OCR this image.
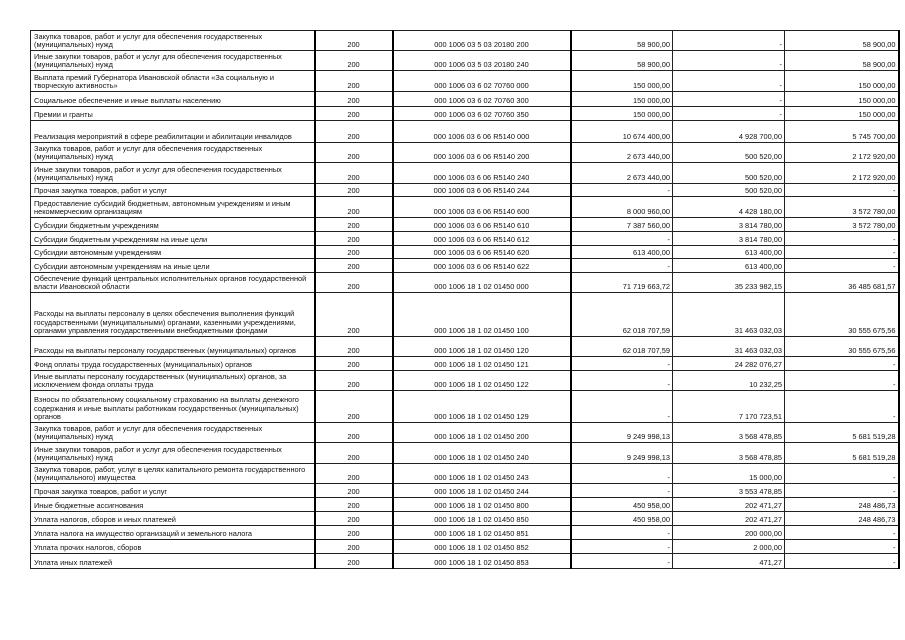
Закупка товаров, работ и услуг для обеспечения государственных (муниципальных) нужд	200	000 1006 03 5 03 20180 200	58 900,00	-	58 900,00
Иные закупки товаров, работ и услуг для обеспечения государственных (муниципальных) нужд	200	000 1006 03 5 03 20180 240	58 900,00	-	58 900,00
Выплата премий Губернатора Ивановской области «За социальную и творческую активность»	200	000 1006 03 6 02 70760 000	150 000,00	-	150 000,00
Социальное обеспечение и иные выплаты населению	200	000 1006 03 6 02 70760 300	150 000,00	-	150 000,00
Премии и гранты	200	000 1006 03 6 02 70760 350	150 000,00	-	150 000,00
Реализация мероприятий в сфере реабилитации и абилитации инвалидов	200	000 1006 03 6 06 R5140 000	10 674 400,00	4 928 700,00	5 745 700,00
Закупка товаров, работ и услуг для обеспечения государственных (муниципальных) нужд	200	000 1006 03 6 06 R5140 200	2 673 440,00	500 520,00	2 172 920,00
Иные закупки товаров, работ и услуг для обеспечения государственных (муниципальных) нужд	200	000 1006 03 6 06 R5140 240	2 673 440,00	500 520,00	2 172 920,00
Прочая закупка товаров, работ и услуг	200	000 1006 03 6 06 R5140 244	-	500 520,00	-
Предоставление субсидий бюджетным, автономным учреждениям и иным некоммерческим организациям	200	000 1006 03 6 06 R5140 600	8 000 960,00	4 428 180,00	3 572 780,00
Субсидии бюджетным учреждениям	200	000 1006 03 6 06 R5140 610	7 387 560,00	3 814 780,00	3 572 780,00
Субсидии бюджетным учреждениям на иные цели	200	000 1006 03 6 06 R5140 612	-	3 814 780,00	-
Субсидии автономным учреждениям	200	000 1006 03 6 06 R5140 620	613 400,00	613 400,00	-
Субсидии автономным учреждениям на иные цели	200	000 1006 03 6 06 R5140 622	-	613 400,00	-
Обеспечение функций центральных исполнительных органов государственной власти Ивановской области	200	000 1006 18 1 02 01450 000	71 719 663,72	35 233 982,15	36 485 681,57
Расходы на выплаты персоналу в целях обеспечения выполнения функций государственными (муниципальными) органами, казенными учреждениями, органами управления государственными внебюджетными фондами	200	000 1006 18 1 02 01450 100	62 018 707,59	31 463 032,03	30 555 675,56
Расходы на выплаты персоналу государственных (муниципальных) органов	200	000 1006 18 1 02 01450 120	62 018 707,59	31 463 032,03	30 555 675,56
Фонд оплаты труда государственных (муниципальных) органов	200	000 1006 18 1 02 01450 121	-	24 282 076,27	-
Иные выплаты персоналу государственных (муниципальных) органов, за исключением фонда оплаты труда	200	000 1006 18 1 02 01450 122	-	10 232,25	-
Взносы по обязательному социальному страхованию на выплаты денежного содержания и иные выплаты работникам государственных (муниципальных) органов	200	000 1006 18 1 02 01450 129	-	7 170 723,51	-
Закупка товаров, работ и услуг для обеспечения государственных (муниципальных) нужд	200	000 1006 18 1 02 01450 200	9 249 998,13	3 568 478,85	5 681 519,28
Иные закупки товаров, работ и услуг для обеспечения государственных (муниципальных) нужд	200	000 1006 18 1 02 01450 240	9 249 998,13	3 568 478,85	5 681 519,28
Закупка товаров, работ, услуг в целях капитального ремонта государственного (муниципального) имущества	200	000 1006 18 1 02 01450 243	-	15 000,00	-
Прочая закупка товаров, работ и услуг	200	000 1006 18 1 02 01450 244	-	3 553 478,85	-
Иные бюджетные ассигнования	200	000 1006 18 1 02 01450 800	450 958,00	202 471,27	248 486,73
Уплата налогов, сборов и иных платежей	200	000 1006 18 1 02 01450 850	450 958,00	202 471,27	248 486,73
Уплата налога на имущество организаций и земельного налога	200	000 1006 18 1 02 01450 851	-	200 000,00	-
Уплата прочих налогов, сборов	200	000 1006 18 1 02 01450 852	-	2 000,00	-
Уплата иных платежей	200	000 1006 18 1 02 01450 853	-	471,27	-
